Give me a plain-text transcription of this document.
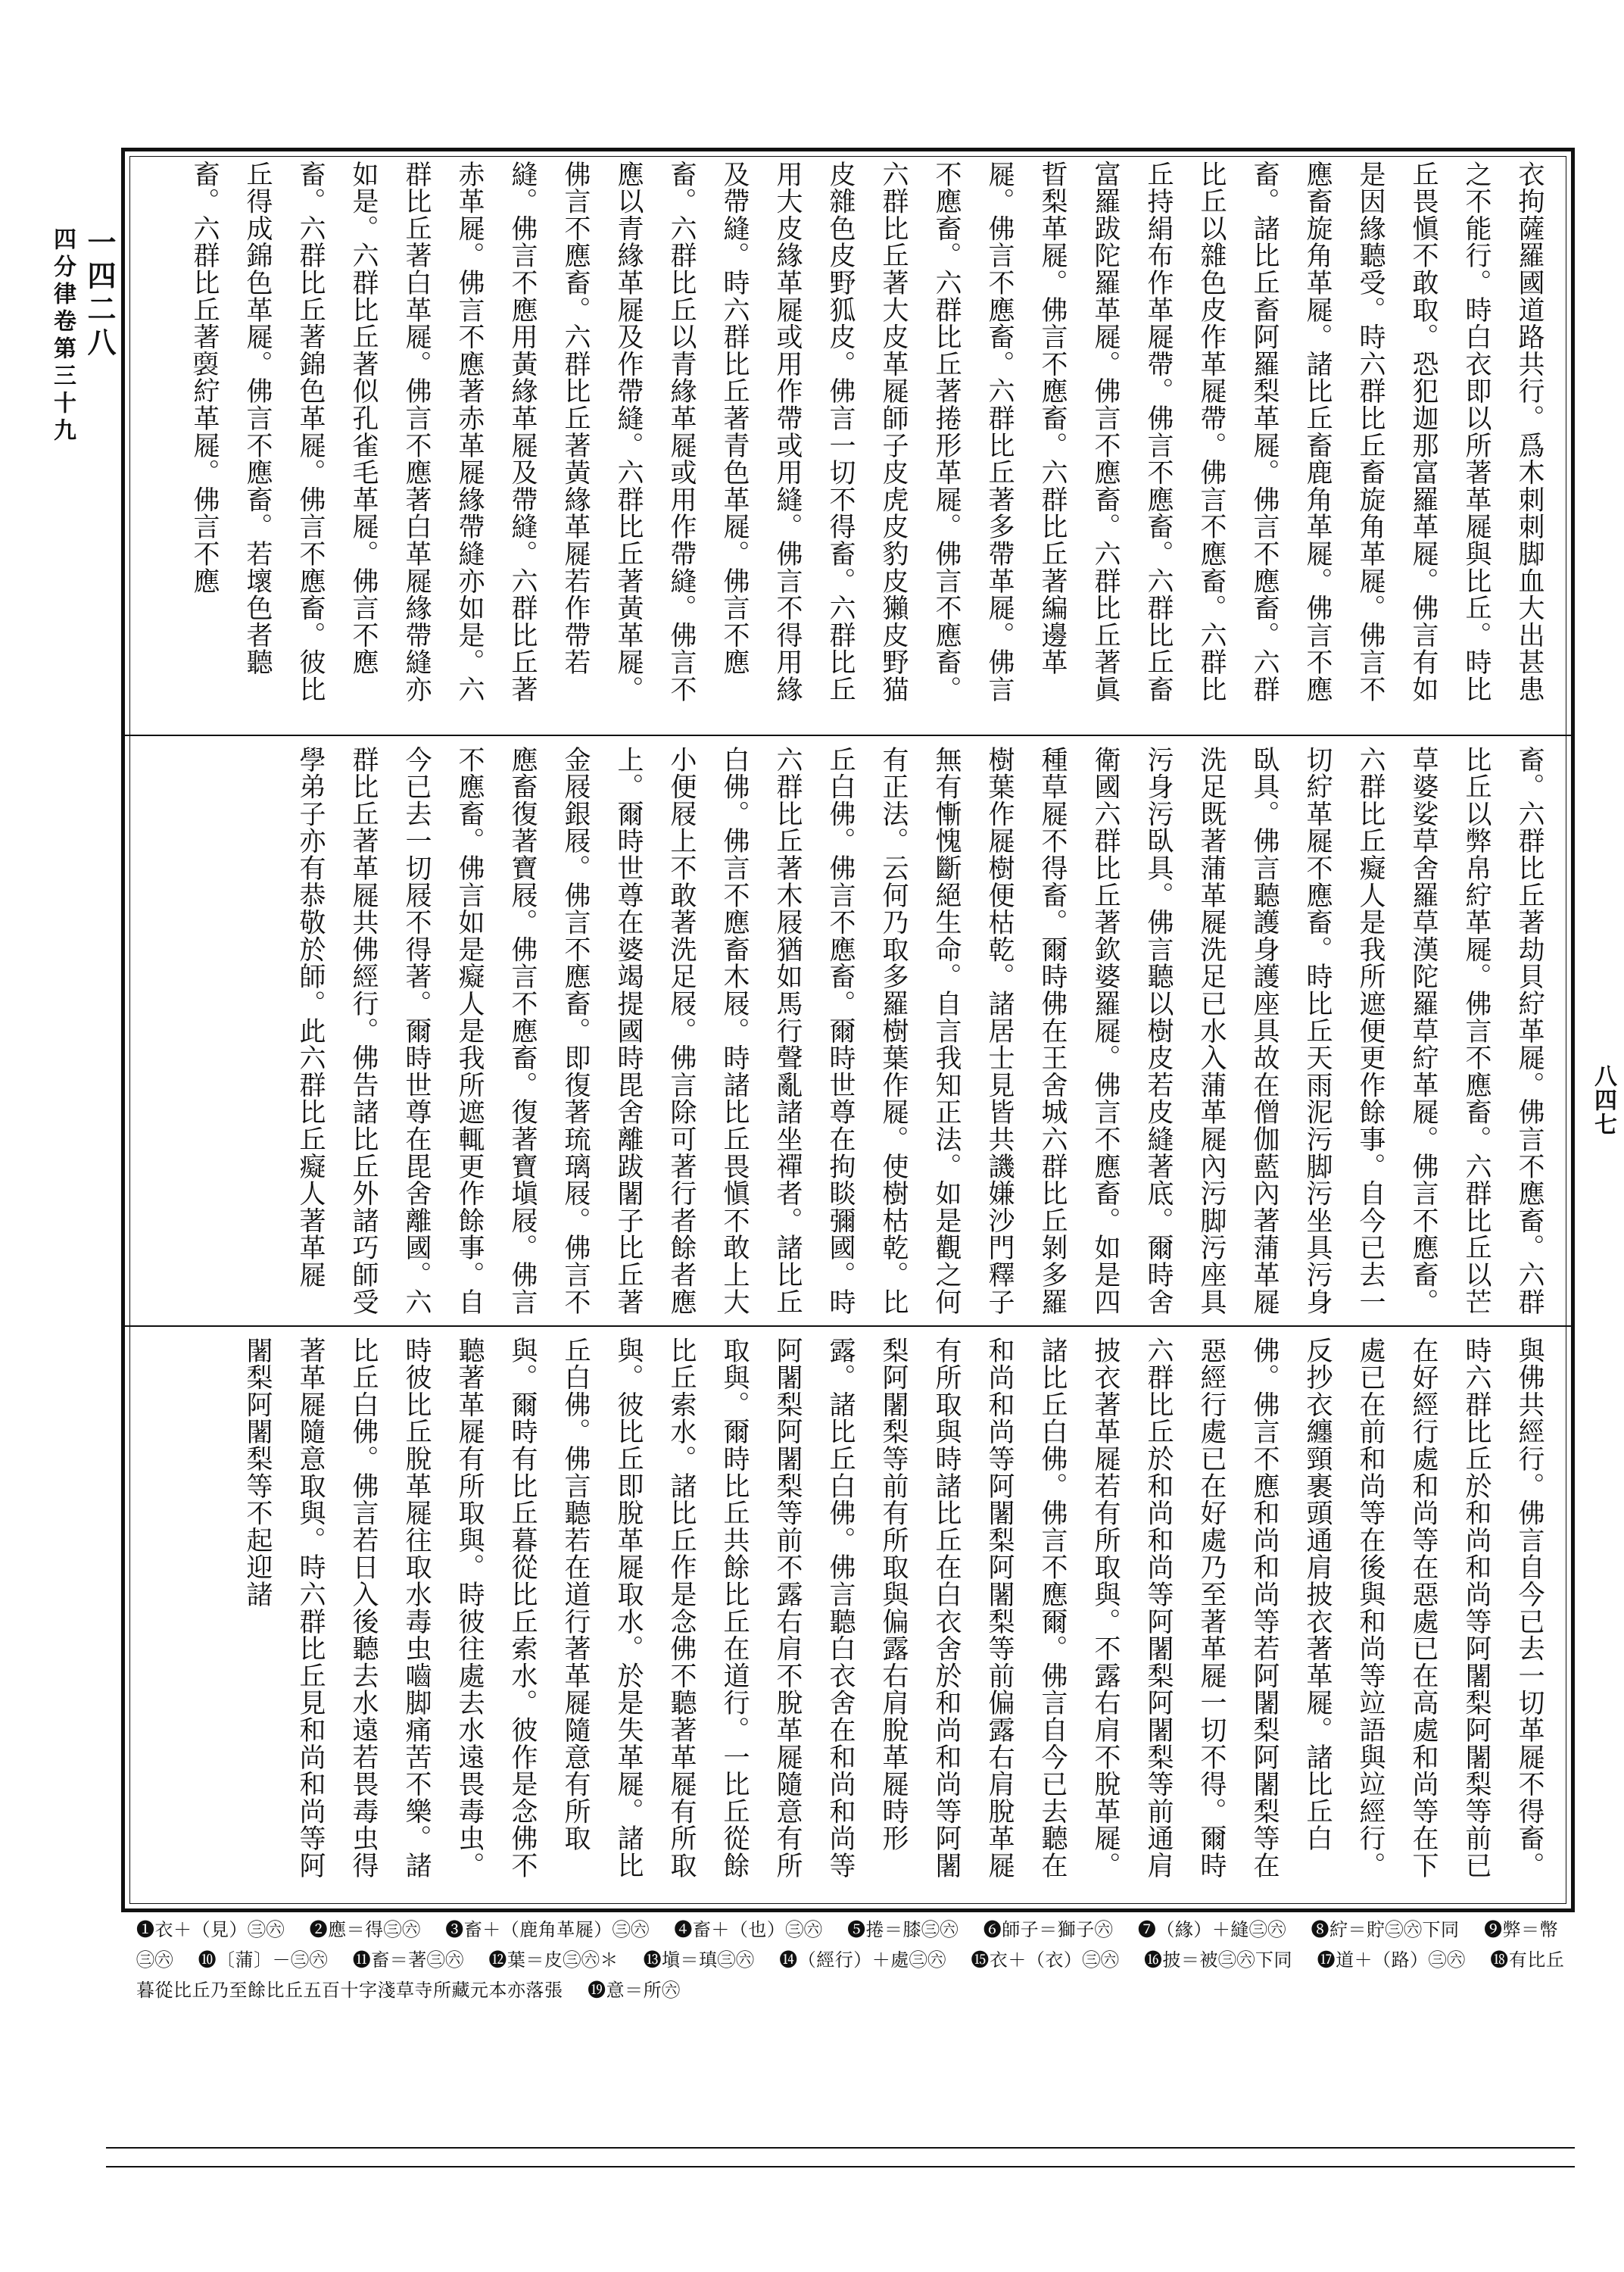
一四二八
四分律卷第三十九	衣拘薩羅國道路共行。爲木刺刺脚血大出甚患之不能行。時白衣即以所著革屣與比丘。時比丘畏愼不敢取。恐犯迦那富羅革屣。佛言有如是因緣聽受。時六群比丘畜旋角革屣。佛言不應畜旋角革屣。諸比丘畜鹿角革屣。佛言不應畜。諸比丘畜阿羅梨革屣。佛言不應畜。六群比丘以雜色皮作革屣帶。佛言不應畜。六群比丘持絹布作革屣帶。佛言不應畜。六群比丘畜富羅跋陀羅革屣。佛言不應畜。六群比丘著眞晢梨革屣。佛言不應畜。六群比丘著編邊革屣。佛言不應畜。六群比丘著多帶革屣。佛言不應畜。六群比丘著捲形革屣。佛言不應畜。六群比丘著大皮革屣師子皮虎皮豹皮獺皮野猫皮雜色皮野狐皮。佛言一切不得畜。六群比丘用大皮緣革屣或用作帶或用縫。佛言不得用緣及帶縫。時六群比丘著青色革屣。佛言不應畜。六群比丘以青緣革屣或用作帶縫。佛言不應以青緣革屣及作帶縫。六群比丘著黃革屣。佛言不應畜。六群比丘著黃緣革屣若作帶若縫。佛言不應用黃緣革屣及帶縫。六群比丘著赤革屣。佛言不應著赤革屣緣帶縫亦如是。六群比丘著白革屣。佛言不應著白革屣緣帶縫亦如是。六群比丘著似孔雀毛革屣。佛言不應畜。六群比丘著錦色革屣。佛言不應畜。彼比丘得成錦色革屣。佛言不應畜。若壞色者聽畜。六群比丘著𧜟紵革屣。佛言不應
畜。六群比丘著劫貝紵革屣。佛言不應畜。六群比丘以弊帛紵革屣。佛言不應畜。六群比丘以芒草婆娑草舍羅草漢陀羅草紵革屣。佛言不應畜。六群比丘癡人是我所遮便更作餘事。自今已去一切紵革屣不應畜。時比丘天雨泥污脚污坐具污身臥具。佛言聽護身護座具故在僧伽藍內著蒲革屣洗足既著蒲革屣洗足已水入蒲革屣內污脚污座具污身污臥具。佛言聽以樹皮若皮縫著底。爾時舍衛國六群比丘著欽婆羅屣。佛言不應畜。如是四種草屣不得畜。爾時佛在王舍城六群比丘剝多羅樹葉作屣樹便枯乾。諸居士見皆共譏嫌沙門釋子無有慚愧斷絕生命。自言我知正法。如是觀之何有正法。云何乃取多羅樹葉作屣。使樹枯乾。比丘白佛。佛言不應畜。爾時世尊在拘睒彌國。時六群比丘著木屐猶如馬行聲亂諸坐禪者。諸比丘白佛。佛言不應畜木屐。時諸比丘畏愼不敢上大小便屐上不敢著洗足屐。佛言除可著行者餘者應上。爾時世尊在婆竭提國時毘舍離跋闍子比丘著金屐銀屐。佛言不應畜。即復著琉璃屐。佛言不應畜復著寶屐。佛言不應畜。復著寶塡屐。佛言不應畜。佛言如是癡人是我所遮輒更作餘事。自今已去一切屐不得著。爾時世尊在毘舍離國。六群比丘著革屣共佛經行。佛告諸比丘外諸巧師受學弟子亦有恭敬於師。此六群比丘癡人著革屣
與佛共經行。佛言自今已去一切革屣不得畜。時六群比丘於和尚和尚等阿闍梨阿闍梨等前已在好經行處和尚等在惡處已在高處和尚等在下處已在前和尚等在後與和尚等竝語與竝經行。反抄衣纏頸裹頭通肩披衣著革屣。諸比丘白佛。佛言不應和尚和尚等若阿闍梨阿闍梨等在惡經行處已在好處乃至著革屣一切不得。爾時六群比丘於和尚和尚等阿闍梨阿闍梨等前通肩披衣著革屣若有所取與。不露右肩不脫革屣。諸比丘白佛。佛言不應爾。佛言自今已去聽在和尚和尚等阿闍梨阿闍梨等前偏露右肩脫革屣有所取與時諸比丘在白衣舍於和尚和尚等阿闍梨阿闍梨等前有所取與偏露右肩脫革屣時形露。諸比丘白佛。佛言聽白衣舍在和尚和尚等阿闍梨阿闍梨等前不露右肩不脫革屣隨意有所取與。爾時比丘共餘比丘在道行。一比丘從餘比丘索水。諸比丘作是念佛不聽著革屣有所取與。彼比丘即脫革屣取水。於是失革屣。諸比丘白佛。佛言聽若在道行著革屣隨意有所取與。爾時有比丘暮從比丘索水。彼作是念佛不聽著革屣有所取與。時彼往處去水遠畏毒虫。時彼比丘脫革屣往取水毒虫嚙脚痛苦不樂。諸比丘白佛。佛言若日入後聽去水遠若畏毒虫得著革屣隨意取與。時六群比丘見和尚和尚等阿闍梨阿闍梨等不起迎諸
八四七
❶衣＋（見）㊂㊅　 ❷應＝得㊂㊅　 ❸畜＋（鹿角革屣）㊂㊅　 ❹畜＋（也）㊂㊅　 ❺捲＝膝㊂㊅　 ❻師子＝獅子㊅　 ❼（緣）＋縫㊂㊅　 ❽紵＝貯㊂㊅下同　 ❾弊＝幣㊂㊅　 ❿〔蒲〕－㊂㊅　 ⓫畜＝著㊂㊅　 ⓬葉＝皮㊂㊅＊　 ⓭塡＝瑱㊂㊅　 ⓮（經行）＋處㊂㊅　 ⓯衣＋（衣）㊂㊅　 ⓰披＝被㊂㊅下同　 ⓱道＋（路）㊂㊅　 ⓲有比丘暮從比丘乃至餘比丘五百十字淺草寺所藏元本亦落張　 ⓳意＝所㊅
